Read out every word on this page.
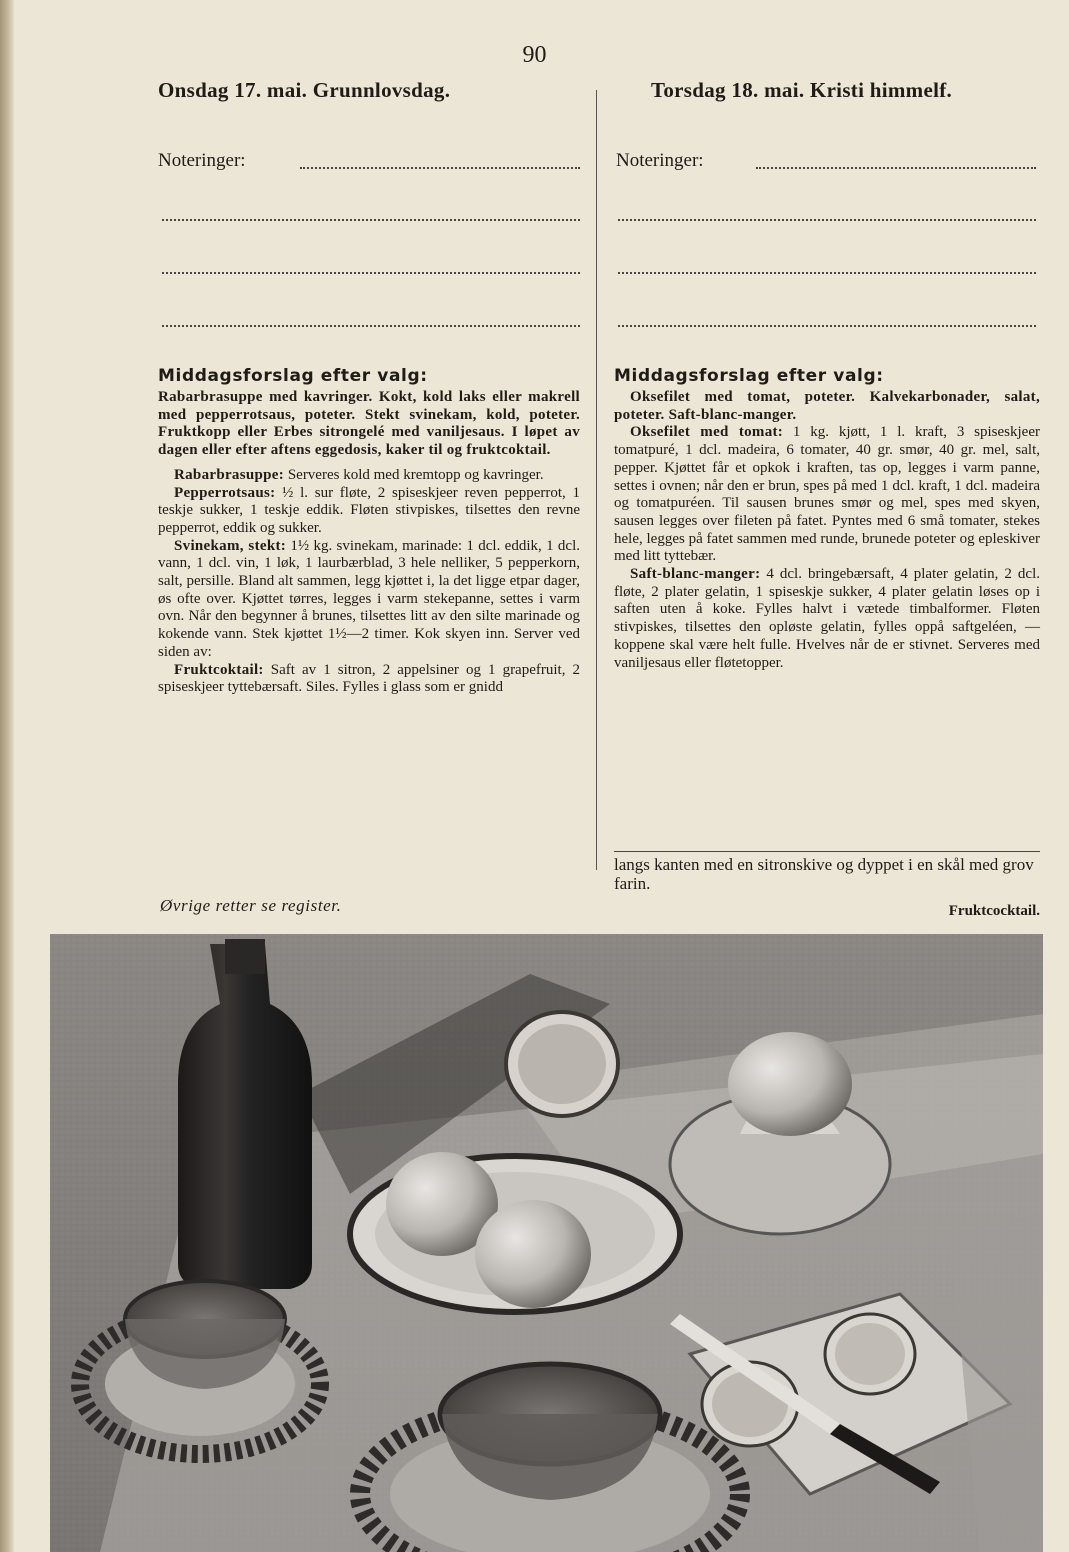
90
Onsdag 17. mai. Grunnlovsdag.

Noteringer:

Middagsforslag efter valg:

Rabarbrasuppe med kavringer. Kokt, kold laks eller makrell med pepperrotsaus, poteter. Stekt svinekam, kold, poteter. Fruktkopp eller Erbes sitrongelé med vaniljesaus. I løpet av dagen eller efter aftens eggedosis, kaker til og fruktcoktail.

Rabarbrasuppe: Serveres kold med kremtopp og kavringer.

Pepperrotsaus: ½ l. sur fløte, 2 spiseskjeer reven pepperrot, 1 teskje sukker, 1 teskje eddik. Fløten stivpiskes, tilsettes den revne pepperrot, eddik og sukker.

Svinekam, stekt: 1½ kg. svinekam, marinade: 1 dcl. eddik, 1 dcl. vann, 1 dcl. vin, 1 løk, 1 laurbærblad, 3 hele nelliker, 5 pepperkorn, salt, persille. Bland alt sammen, legg kjøttet i, la det ligge etpar dager, øs ofte over. Kjøttet tørres, legges i varm stekepanne, settes i varm ovn. Når den begynner å brunes, tilsettes litt av den silte marinade og kokende vann. Stek kjøttet 1½—2 timer. Kok skyen inn. Server ved siden av:

Fruktcoktail: Saft av 1 sitron, 2 appelsiner og 1 grapefruit, 2 spiseskjeer tyttebærsaft. Siles. Fylles i glass som er gnidd

Øvrige retter se register.

Torsdag 18. mai. Kristi himmelf.

Noteringer:

Middagsforslag efter valg:

Oksefilet med tomat, poteter. Kalvekarbonader, salat, poteter. Saft-blanc-manger.

Oksefilet med tomat: 1 kg. kjøtt, 1 l. kraft, 3 spiseskjeer tomatpuré, 1 dcl. madeira, 6 tomater, 40 gr. smør, 40 gr. mel, salt, pepper. Kjøttet får et opkok i kraften, tas op, legges i varm panne, settes i ovnen; når den er brun, spes på med 1 dcl. kraft, 1 dcl. madeira og tomatpuréen. Til sausen brunes smør og mel, spes med skyen, sausen legges over fileten på fatet. Pyntes med 6 små tomater, stekes hele, legges på fatet sammen med runde, brunede poteter og epleskiver med litt tyttebær.

Saft-blanc-manger: 4 dcl. bringebærsaft, 4 plater gelatin, 2 dcl. fløte, 2 plater gelatin, 1 spiseskje sukker, 4 plater gelatin løses op i saften uten å koke. Fylles halvt i vætede timbalformer. Fløten stivpiskes, tilsettes den opløste gelatin, fylles oppå saftgeléen, — koppene skal være helt fulle. Hvelves når de er stivnet. Serveres med vaniljesaus eller fløtetopper.

langs kanten med en sitronskive og dyppet i en skål med grov farin.

Fruktcocktail.
